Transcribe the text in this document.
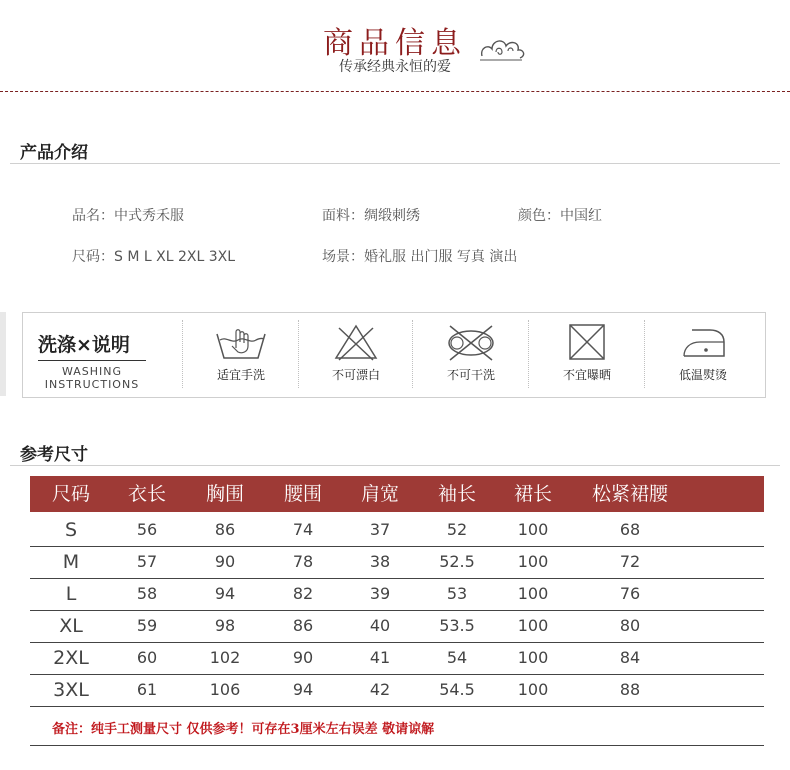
商品信息
传承经典永恒的爱
产品介绍
品名：中式秀禾服	面料：绸缎刺绣	颜色：中国红
尺码：S M L XL 2XL 3XL	场景：婚礼服 出门服 写真 演出
洗涤×说明
WASHING
INSTRUCTIONS
适宜手洗	不可漂白	不可干洗	不宜曝晒	低温熨烫
参考尺寸
尺码	衣长	胸围	腰围	肩宽	袖长	裙长	松紧裙腰
S	56	86	74	37	52	100	68
M	57	90	78	38	52.5	100	72
L	58	94	82	39	53	100	76
XL	59	98	86	40	53.5	100	80
2XL	60	102	90	41	54	100	84
3XL	61	106	94	42	54.5	100	88
备注：纯手工测量尺寸 仅供参考！可存在3厘米左右误差 敬请谅解
